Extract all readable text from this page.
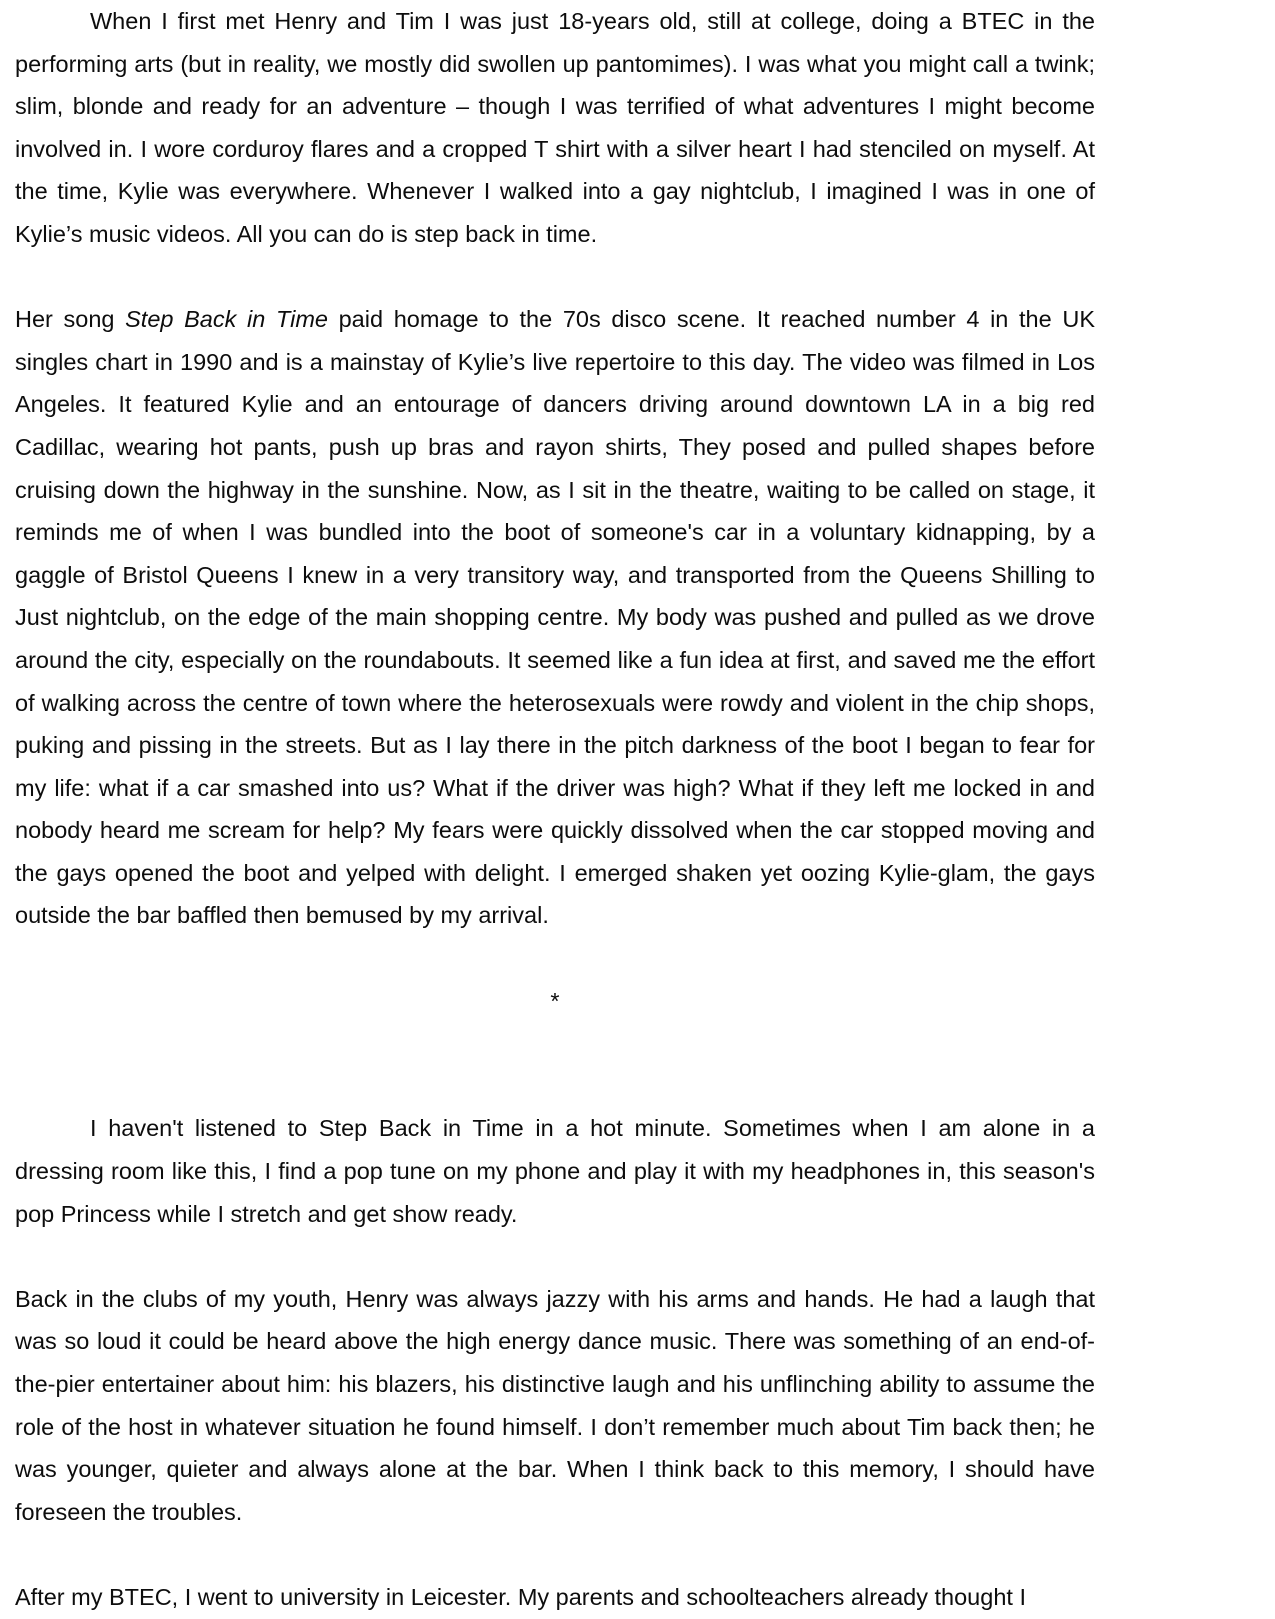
When I first met Henry and Tim I was just 18-years old, still at college, doing a BTEC in the performing arts (but in reality, we mostly did swollen up pantomimes). I was what you might call a twink; slim, blonde and ready for an adventure – though I was terrified of what adventures I might become involved in. I wore corduroy flares and a cropped T shirt with a silver heart I had stenciled on myself. At the time, Kylie was everywhere. Whenever I walked into a gay nightclub, I imagined I was in one of Kylie’s music videos. All you can do is step back in time.

Her song Step Back in Time paid homage to the 70s disco scene. It reached number 4 in the UK singles chart in 1990 and is a mainstay of Kylie’s live repertoire to this day. The video was filmed in Los Angeles. It featured Kylie and an entourage of dancers driving around downtown LA in a big red Cadillac, wearing hot pants, push up bras and rayon shirts, They posed and pulled shapes before cruising down the highway in the sunshine. Now, as I sit in the theatre, waiting to be called on stage, it reminds me of when I was bundled into the boot of someone's car in a voluntary kidnapping, by a gaggle of Bristol Queens I knew in a very transitory way, and transported from the Queens Shilling to Just nightclub, on the edge of the main shopping centre. My body was pushed and pulled as we drove around the city, especially on the roundabouts. It seemed like a fun idea at first, and saved me the effort of walking across the centre of town where the heterosexuals were rowdy and violent in the chip shops, puking and pissing in the streets. But as I lay there in the pitch darkness of the boot I began to fear for my life: what if a car smashed into us? What if the driver was high? What if they left me locked in and nobody heard me scream for help? My fears were quickly dissolved when the car stopped moving and the gays opened the boot and yelped with delight. I emerged shaken yet oozing Kylie-glam, the gays outside the bar baffled then bemused by my arrival.

*

I haven't listened to Step Back in Time in a hot minute. Sometimes when I am alone in a dressing room like this, I find a pop tune on my phone and play it with my headphones in, this season's pop Princess while I stretch and get show ready.

Back in the clubs of my youth, Henry was always jazzy with his arms and hands. He had a laugh that was so loud it could be heard above the high energy dance music. There was something of an end-of-the-pier entertainer about him: his blazers, his distinctive laugh and his unflinching ability to assume the role of the host in whatever situation he found himself. I don’t remember much about Tim back then; he was younger, quieter and always alone at the bar. When I think back to this memory, I should have foreseen the troubles.

After my BTEC, I went to university in Leicester. My parents and schoolteachers already thought I
